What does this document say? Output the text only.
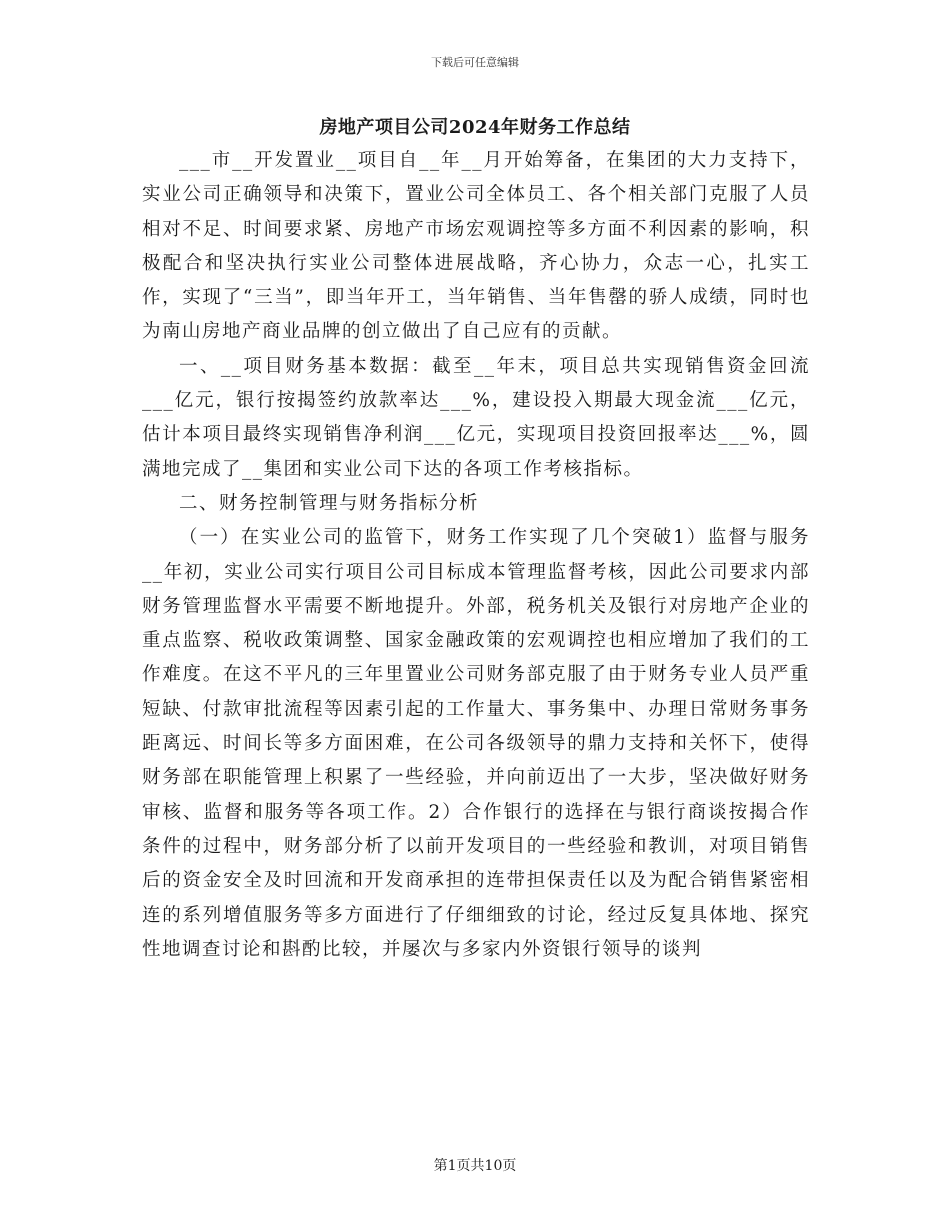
下载后可任意编辑
房地产项目公司2024年财务工作总结

___市__开发置业__项目自__年__月开始筹备，在集团的大力支持下，实业公司正确领导和决策下，置业公司全体员工、各个相关部门克服了人员相对不足、时间要求紧、房地产市场宏观调控等多方面不利因素的影响，积极配合和坚决执行实业公司整体进展战略，齐心协力，众志一心，扎实工作，实现了“三当”，即当年开工，当年销售、当年售罄的骄人成绩，同时也为南山房地产商业品牌的创立做出了自己应有的贡献。

一、__项目财务基本数据：截至__年末，项目总共实现销售资金回流___亿元，银行按揭签约放款率达___%，建设投入期最大现金流___亿元，估计本项目最终实现销售净利润___亿元，实现项目投资回报率达___%，圆满地完成了__集团和实业公司下达的各项工作考核指标。

二、财务控制管理与财务指标分析

（一）在实业公司的监管下，财务工作实现了几个突破1）监督与服务__年初，实业公司实行项目公司目标成本管理监督考核，因此公司要求内部财务管理监督水平需要不断地提升。外部，税务机关及银行对房地产企业的重点监察、税收政策调整、国家金融政策的宏观调控也相应增加了我们的工作难度。在这不平凡的三年里置业公司财务部克服了由于财务专业人员严重短缺、付款审批流程等因素引起的工作量大、事务集中、办理日常财务事务距离远、时间长等多方面困难，在公司各级领导的鼎力支持和关怀下，使得财务部在职能管理上积累了一些经验，并向前迈出了一大步，坚决做好财务审核、监督和服务等各项工作。2）合作银行的选择在与银行商谈按揭合作条件的过程中，财务部分析了以前开发项目的一些经验和教训，对项目销售后的资金安全及时回流和开发商承担的连带担保责任以及为配合销售紧密相连的系列增值服务等多方面进行了仔细细致的讨论，经过反复具体地、探究性地调查讨论和斟酌比较，并屡次与多家内外资银行领导的谈判

第1页共10页
